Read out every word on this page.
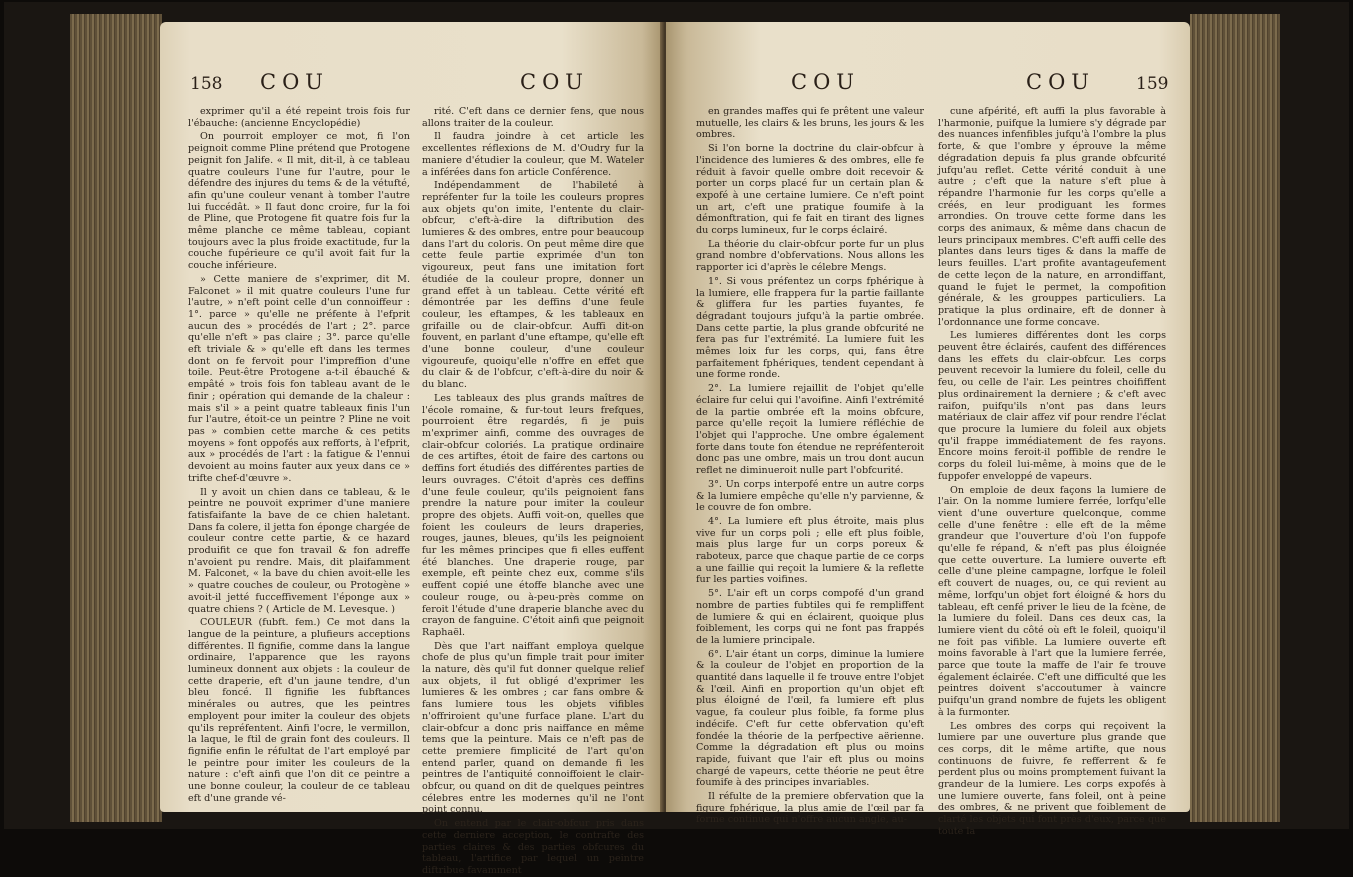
158 COU	COU

exprimer qu'il a été repeint trois fois fur l'ébauche: (ancienne Encyclopédie)

On pourroit employer ce mot, fi l'on peignoit comme Pline prétend que Protogene peignit fon Jalife. « Il mit, dit-il, à ce tableau quatre couleurs l'une fur l'autre, pour le défendre des injures du tems & de la vétufté, afin qu'une couleur venant à tomber l'autre lui fuccédât. » Il faut donc croire, fur la foi de Pline, que Protogene fit quatre fois fur la même planche ce même tableau, copiant toujours avec la plus froide exactitude, fur la couche fupérieure ce qu'il avoit fait fur la couche inférieure.

» Cette maniere de s'exprimer, dit M. Falconet » il mit quatre couleurs l'une fur l'autre, » n'eft point celle d'un connoiffeur : 1°. parce » qu'elle ne préfente à l'efprit aucun des » procédés de l'art ; 2°. parce qu'elle n'eft » pas claire ; 3°. parce qu'elle eft triviale & » qu'elle eft dans les termes dont on fe fervoit pour l'impreffion d'une toile. Peut-être Protogene a-t-il ébauché & empâté » trois fois fon tableau avant de le finir ; opération qui demande de la chaleur : mais s'il » a peint quatre tableaux finis l'un fur l'autre, étoit-ce un peintre ? Pline ne voit pas » combien cette marche & ces petits moyens » font oppofés aux refforts, à l'efprit, aux » procédés de l'art : la fatigue & l'ennui devoient au moins fauter aux yeux dans ce » trifte chef-d'œuvre ».

Il y avoit un chien dans ce tableau, & le peintre ne pouvoit exprimer d'une maniere fatisfaifante la bave de ce chien haletant. Dans fa colere, il jetta fon éponge chargée de couleur contre cette partie, & ce hazard produifit ce que fon travail & fon adreffe n'avoient pu rendre. Mais, dit plaifamment M. Falconet, « la bave du chien avoit-elle les » quatre couches de couleur, ou Protogène » avoit-il jetté fucceffivement l'éponge aux » quatre chiens ? ( Article de M. Levesque. )

COULEUR (fubft. fem.) Ce mot dans la langue de la peinture, a plufieurs acceptions différentes. Il fignifie, comme dans la langue ordinaire, l'apparence que les rayons lumineux donnent aux objets : la couleur de cette draperie, eft d'un jaune tendre, d'un bleu foncé. Il fignifie les fubftances minérales ou autres, que les peintres employent pour imiter la couleur des objets qu'ils repréfentent. Ainfi l'ocre, le vermillon, la laque, le ftil de grain font des couleurs. Il fignifie enfin le réfultat de l'art employé par le peintre pour imiter les couleurs de la nature : c'eft ainfi que l'on dit ce peintre a une bonne couleur, la couleur de ce tableau eft d'une grande vé-

rité. C'eft dans ce dernier fens, que nous allons traiter de la couleur.

Il faudra joindre à cet article les excellentes réflexions de M. d'Oudry fur la maniere d'étudier la couleur, que M. Wateler a inférées dans fon article Conférence.

Indépendamment de l'habileté à repréfenter fur la toile les couleurs propres aux objets qu'on imite, l'entente du clair-obfcur, c'eft-à-dire la diftribution des lumieres & des ombres, entre pour beaucoup dans l'art du coloris. On peut même dire que cette feule partie exprimée d'un ton vigoureux, peut fans une imitation fort étudiée de la couleur propre, donner un grand effet à un tableau. Cette vérité eft démontrée par les deffins d'une feule couleur, les eftampes, & les tableaux en grifaille ou de clair-obfcur. Auffi dit-on fouvent, en parlant d'une eftampe, qu'elle eft d'une bonne couleur, d'une couleur vigoureufe, quoiqu'elle n'offre en effet que du clair & de l'obfcur, c'eft-à-dire du noir & du blanc.

Les tableaux des plus grands maîtres de l'école romaine, & fur-tout leurs frefques, pourroient être regardés, fi je puis m'exprimer ainfi, comme des ouvrages de clair-obfcur coloriés. La pratique ordinaire de ces artiftes, étoit de faire des cartons ou deffins fort étudiés des différentes parties de leurs ouvrages. C'étoit d'après ces deffins d'une feule couleur, qu'ils peignoient fans prendre la nature pour imiter la couleur propre des objets. Auffi voit-on, quelles que foient les couleurs de leurs draperies, rouges, jaunes, bleues, qu'ils les peignoient fur les mêmes principes que fi elles euffent été blanches. Une draperie rouge, par exemple, eft peinte chez eux, comme s'ils euffent copié une étoffe blanche avec une couleur rouge, ou à-peu-près comme on feroit l'étude d'une draperie blanche avec du crayon de fanguine. C'étoit ainfi que peignoit Raphaël.

Dès que l'art naiffant employa quelque chofe de plus qu'un fimple trait pour imiter la nature, dès qu'il fut donner quelque relief aux objets, il fut obligé d'exprimer les lumieres & les ombres ; car fans ombre & fans lumiere tous les objets vifibles n'offriroient qu'une furface plane. L'art du clair-obfcur a donc pris naiffance en même tems que la peinture. Mais ce n'eft pas de cette premiere fimplicité de l'art qu'on entend parler, quand on demande fi les peintres de l'antiquité connoiffoient le clair-obfcur, ou quand on dit de quelques peintres célebres entre les modernes qu'il ne l'ont point connu.

On entend par le clair-obfcur pris dans cette derniere acception, le contrafte des parties claires & des parties obfcures du tableau, l'artifice par lequel un peintre diftribue favamment

COU	COU 159

en grandes maffes qui fe prêtent une valeur mutuelle, les clairs & les bruns, les jours & les ombres.

Si l'on borne la doctrine du clair-obfcur à l'incidence des lumieres & des ombres, elle fe réduit à favoir quelle ombre doit recevoir & porter un corps placé fur un certain plan & expofé à une certaine lumiere. Ce n'eft point un art, c'eft une pratique foumife à la démonftration, qui fe fait en tirant des lignes du corps lumineux, fur le corps éclairé.

La théorie du clair-obfcur porte fur un plus grand nombre d'obfervations. Nous allons les rapporter ici d'après le célebre Mengs.

1°. Si vous préfentez un corps fphérique à la lumiere, elle frappera fur la partie faillante & gliffera fur les parties fuyantes, fe dégradant toujours jufqu'à la partie ombrée. Dans cette partie, la plus grande obfcurité ne fera pas fur l'extrémité. La lumiere fuit les mêmes loix fur les corps, qui, fans être parfaitement fphériques, tendent cependant à une forme ronde.

2°. La lumiere rejaillit de l'objet qu'elle éclaire fur celui qui l'avoifine. Ainfi l'extrémité de la partie ombrée eft la moins obfcure, parce qu'elle reçoit la lumiere réfléchie de l'objet qui l'approche. Une ombre également forte dans toute fon étendue ne repréfenteroit donc pas une ombre, mais un trou dont aucun reflet ne diminueroit nulle part l'obfcurité.

3°. Un corps interpofé entre un autre corps & la lumiere empêche qu'elle n'y parvienne, & le couvre de fon ombre.

4°. La lumiere eft plus étroite, mais plus vive fur un corps poli ; elle eft plus foible, mais plus large fur un corps poreux & raboteux, parce que chaque partie de ce corps a une faillie qui reçoit la lumiere & la reflette fur les parties voifines.

5°. L'air eft un corps compofé d'un grand nombre de parties fubtiles qui fe rempliffent de lumiere & qui en éclairent, quoique plus foiblement, les corps qui ne font pas frappés de la lumiere principale.

6°. L'air étant un corps, diminue la lumiere & la couleur de l'objet en proportion de la quantité dans laquelle il fe trouve entre l'objet & l'œil. Ainfi en proportion qu'un objet eft plus éloigné de l'œil, fa lumiere eft plus vague, fa couleur plus foible, fa forme plus indécife. C'eft fur cette obfervation qu'eft fondée la théorie de la perfpective aërienne. Comme la dégradation eft plus ou moins rapide, fuivant que l'air eft plus ou moins chargé de vapeurs, cette théorie ne peut être foumife à des principes invariables.

Il réfulte de la premiere obfervation que la figure fphérique, la plus amie de l'œil par fa forme continue qui n'offre aucun angle, au-

cune afpérité, eft auffi la plus favorable à l'harmonie, puifque la lumiere s'y dégrade par des nuances infenfibles jufqu'à l'ombre la plus forte, & que l'ombre y éprouve la même dégradation depuis fa plus grande obfcurité jufqu'au reflet. Cette vérité conduit à une autre ; c'eft que la nature s'eft plue à répandre l'harmonie fur les corps qu'elle a créés, en leur prodiguant les formes arrondies. On trouve cette forme dans les corps des animaux, & même dans chacun de leurs principaux membres. C'eft auffi celle des plantes dans leurs tiges & dans la maffe de leurs feuilles. L'art profite avantageufement de cette leçon de la nature, en arrondiffant, quand le fujet le permet, la compofition générale, & les grouppes particuliers. La pratique la plus ordinaire, eft de donner à l'ordonnance une forme concave.

Les lumieres différentes dont les corps peuvent être éclairés, caufent des différences dans les effets du clair-obfcur. Les corps peuvent recevoir la lumiere du foleil, celle du feu, ou celle de l'air. Les peintres choififfent plus ordinairement la derniere ; & c'eft avec raifon, puifqu'ils n'ont pas dans leurs matériaux de clair affez vif pour rendre l'éclat que procure la lumiere du foleil aux objets qu'il frappe immédiatement de fes rayons. Encore moins feroit-il poffible de rendre le corps du foleil lui-même, à moins que de le fuppofer enveloppé de vapeurs.

On emploie de deux façons la lumiere de l'air. On la nomme lumiere ferrée, lorfqu'elle vient d'une ouverture quelconque, comme celle d'une fenêtre : elle eft de la même grandeur que l'ouverture d'où l'on fuppofe qu'elle fe répand, & n'eft pas plus éloignée que cette ouverture. La lumiere ouverte eft celle d'une pleine campagne, lorfque le foleil eft couvert de nuages, ou, ce qui revient au même, lorfqu'un objet fort éloigné & hors du tableau, eft cenfé priver le lieu de la fcène, de la lumiere du foleil. Dans ces deux cas, la lumiere vient du côté où eft le foleil, quoiqu'il ne foit pas vifible. La lumiere ouverte eft moins favorable à l'art que la lumiere ferrée, parce que toute la maffe de l'air fe trouve également éclairée. C'eft une difficulté que les peintres doivent s'accoutumer à vaincre puifqu'un grand nombre de fujets les obligent à la furmonter.

Les ombres des corps qui reçoivent la lumiere par une ouverture plus grande que ces corps, dit le même artifte, que nous continuons de fuivre, fe refferrent & fe perdent plus ou moins promptement fuivant la grandeur de la lumiere. Les corps expofés à une lumiere ouverte, fans foleil, ont à peine des ombres, & ne privent que foiblement de clarté les objets qui font près d'eux, parce que toute la
